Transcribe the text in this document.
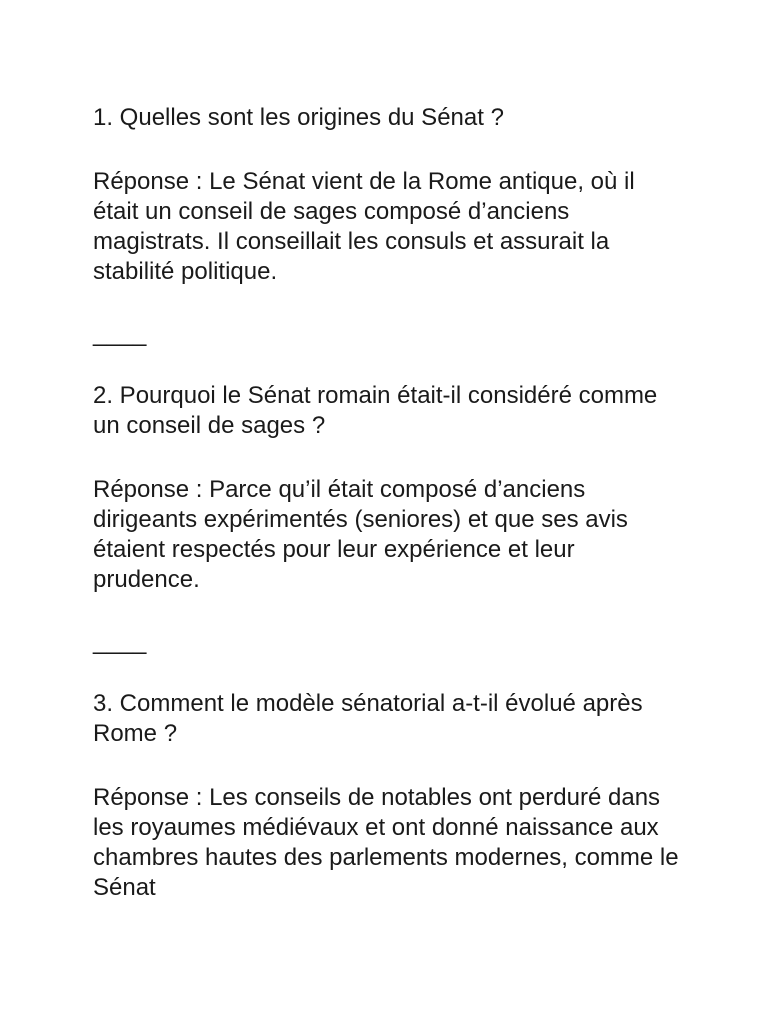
1. Quelles sont les origines du Sénat ?

Réponse : Le Sénat vient de la Rome antique, où il était un conseil de sages composé d’anciens magistrats. Il conseillait les consuls et assurait la stabilité politique.

____

2. Pourquoi le Sénat romain était-il considéré comme un conseil de sages ?

Réponse : Parce qu’il était composé d’anciens dirigeants expérimentés (seniores) et que ses avis étaient respectés pour leur expérience et leur prudence.

____

3. Comment le modèle sénatorial a-t-il évolué après Rome ?

Réponse : Les conseils de notables ont perduré dans les royaumes médiévaux et ont donné naissance aux chambres hautes des parlements modernes, comme le Sénat
